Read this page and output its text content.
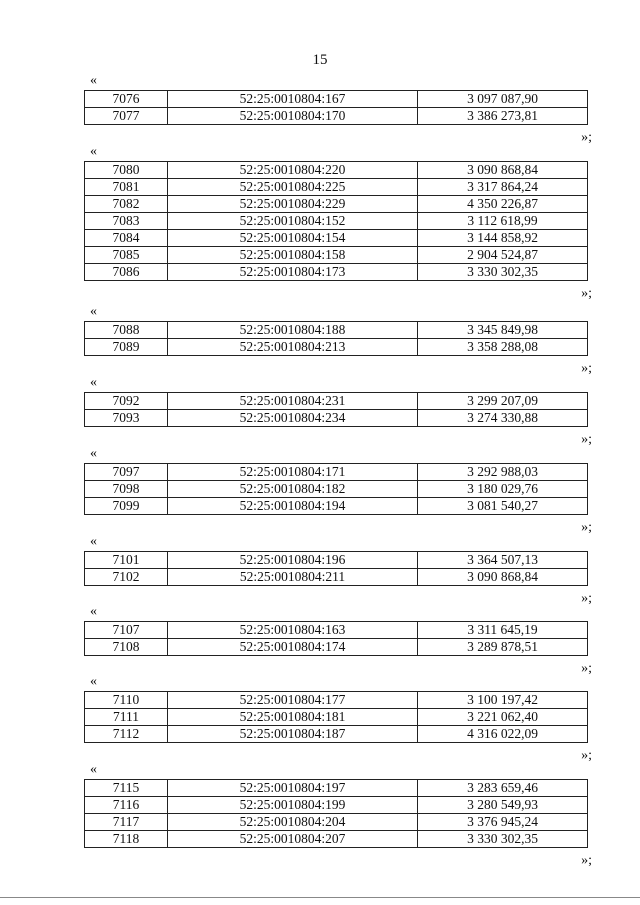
15
«
7076	52:25:0010804:167	3 097 087,90
7077	52:25:0010804:170	3 386 273,81
»;
«
7080	52:25:0010804:220	3 090 868,84
7081	52:25:0010804:225	3 317 864,24
7082	52:25:0010804:229	4 350 226,87
7083	52:25:0010804:152	3 112 618,99
7084	52:25:0010804:154	3 144 858,92
7085	52:25:0010804:158	2 904 524,87
7086	52:25:0010804:173	3 330 302,35
»;
«
7088	52:25:0010804:188	3 345 849,98
7089	52:25:0010804:213	3 358 288,08
»;
«
7092	52:25:0010804:231	3 299 207,09
7093	52:25:0010804:234	3 274 330,88
»;
«
7097	52:25:0010804:171	3 292 988,03
7098	52:25:0010804:182	3 180 029,76
7099	52:25:0010804:194	3 081 540,27
»;
«
7101	52:25:0010804:196	3 364 507,13
7102	52:25:0010804:211	3 090 868,84
»;
«
7107	52:25:0010804:163	3 311 645,19
7108	52:25:0010804:174	3 289 878,51
»;
«
7110	52:25:0010804:177	3 100 197,42
7111	52:25:0010804:181	3 221 062,40
7112	52:25:0010804:187	4 316 022,09
»;
«
7115	52:25:0010804:197	3 283 659,46
7116	52:25:0010804:199	3 280 549,93
7117	52:25:0010804:204	3 376 945,24
7118	52:25:0010804:207	3 330 302,35
»;
